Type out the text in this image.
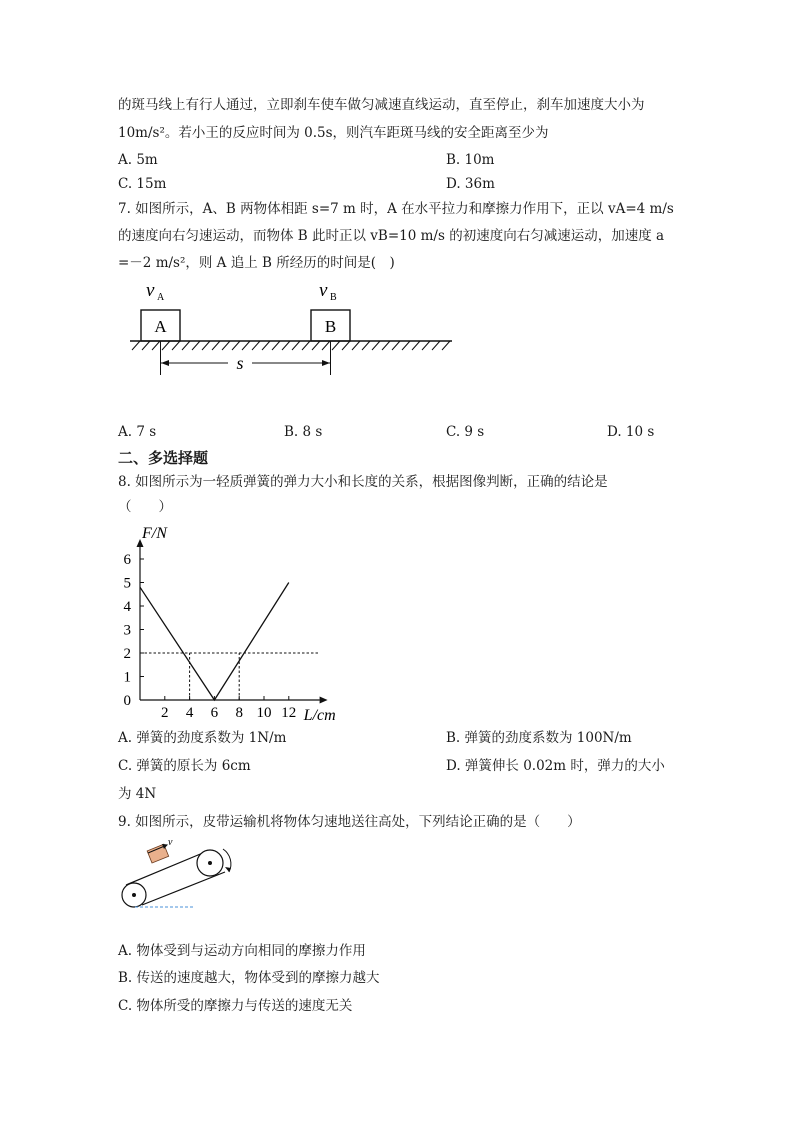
的斑马线上有行人通过，立即刹车使车做匀减速直线运动，直至停止，刹车加速度大小为
10m/s²。若小王的反应时间为 0.5s，则汽车距斑马线的安全距离至少为
A. 5m	B. 10m
C. 15m	D. 36m
7. 如图所示，A、B 两物体相距 s=7 m 时，A 在水平拉力和摩擦力作用下，正以 vA=4 m/s
的速度向右匀速运动，而物体 B 此时正以 vB=10 m/s 的初速度向右匀减速运动，加速度 a
=－2 m/s²，则 A 追上 B 所经历的时间是(　)
v A	v B
A	B
s
A. 7 s	B. 8 s	C. 9 s	D. 10 s
二、多选择题
8. 如图所示为一轻质弹簧的弹力大小和长度的关系，根据图像判断，正确的结论是
（　　）
2 4 6 8 10 12
0
1
2
3
4
5
6
F/N
L/cm
A. 弹簧的劲度系数为 1N/m	B. 弹簧的劲度系数为 100N/m
C. 弹簧的原长为 6cm	D. 弹簧伸长 0.02m 时，弹力的大小
为 4N
9. 如图所示，皮带运输机将物体匀速地送往高处，下列结论正确的是（　　）
v
A. 物体受到与运动方向相同的摩擦力作用
B. 传送的速度越大，物体受到的摩擦力越大
C. 物体所受的摩擦力与传送的速度无关
